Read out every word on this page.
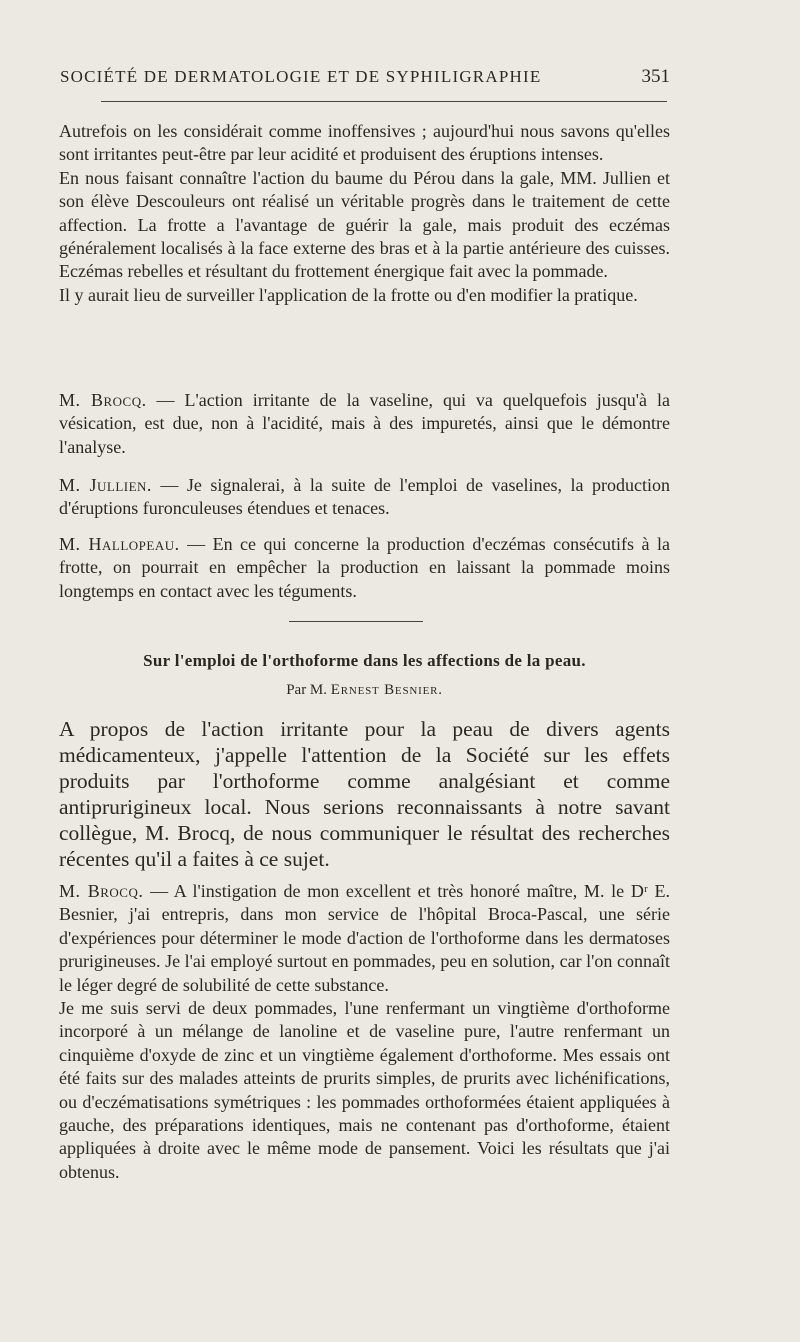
SOCIÉTÉ DE DERMATOLOGIE ET DE SYPHILIGRAPHIE	351

Autrefois on les considérait comme inoffensives ; aujourd'hui nous savons qu'elles sont irritantes peut-être par leur acidité et produisent des éruptions intenses.

En nous faisant connaître l'action du baume du Pérou dans la gale, MM. Jullien et son élève Descouleurs ont réalisé un véritable progrès dans le traitement de cette affection. La frotte a l'avantage de guérir la gale, mais produit des eczémas généralement localisés à la face externe des bras et à la partie antérieure des cuisses. Eczémas rebelles et résultant du frottement énergique fait avec la pommade.

Il y aurait lieu de surveiller l'application de la frotte ou d'en modifier la pratique.

M. Brocq. — L'action irritante de la vaseline, qui va quelquefois jusqu'à la vésication, est due, non à l'acidité, mais à des impuretés, ainsi que le démontre l'analyse.

M. Jullien. — Je signalerai, à la suite de l'emploi de vaselines, la production d'éruptions furonculeuses étendues et tenaces.

M. Hallopeau. — En ce qui concerne la production d'eczémas consécutifs à la frotte, on pourrait en empêcher la production en laissant la pommade moins longtemps en contact avec les téguments.

Sur l'emploi de l'orthoforme dans les affections de la peau.
Par M. Ernest Besnier.

A propos de l'action irritante pour la peau de divers agents médicamenteux, j'appelle l'attention de la Société sur les effets produits par l'orthoforme comme analgésiant et comme antiprurigineux local. Nous serions reconnaissants à notre savant collègue, M. Brocq, de nous communiquer le résultat des recherches récentes qu'il a faites à ce sujet.

M. Brocq. — A l'instigation de mon excellent et très honoré maître, M. le Dʳ E. Besnier, j'ai entrepris, dans mon service de l'hôpital Broca-Pascal, une série d'expériences pour déterminer le mode d'action de l'orthoforme dans les dermatoses prurigineuses. Je l'ai employé surtout en pommades, peu en solution, car l'on connaît le léger degré de solubilité de cette substance.

Je me suis servi de deux pommades, l'une renfermant un vingtième d'orthoforme incorporé à un mélange de lanoline et de vaseline pure, l'autre renfermant un cinquième d'oxyde de zinc et un vingtième également d'orthoforme. Mes essais ont été faits sur des malades atteints de prurits simples, de prurits avec lichénifications, ou d'eczématisations symétriques : les pommades orthoformées étaient appliquées à gauche, des préparations identiques, mais ne contenant pas d'orthoforme, étaient appliquées à droite avec le même mode de pansement. Voici les résultats que j'ai obtenus.
